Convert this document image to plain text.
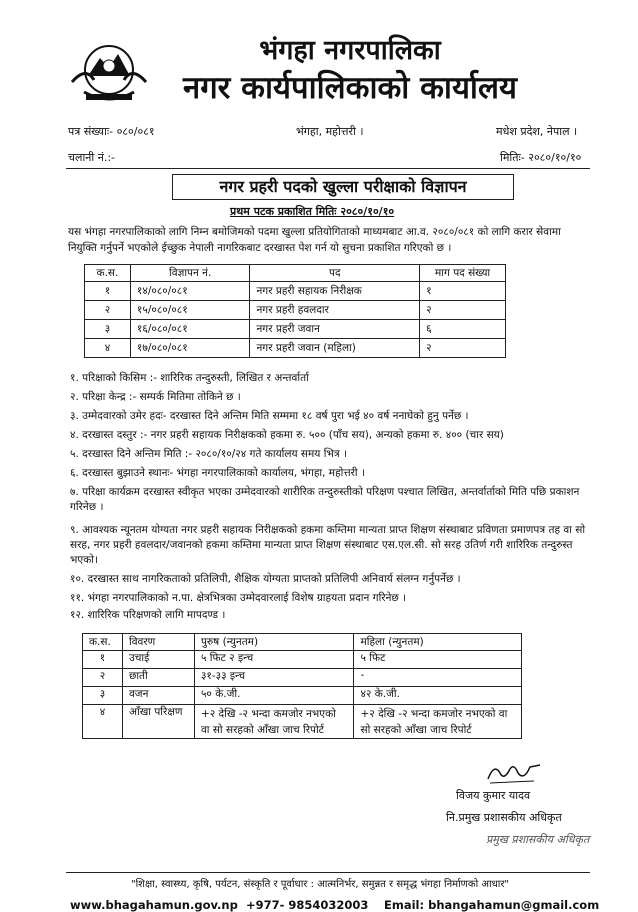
भंगहा नगरपालिका
नगर कार्यपालिकाको कार्यालय
पत्र संख्याः- ०८०/०८१	भंगहा, महोत्तरी ।	मधेश प्रदेश, नेपाल ।
चलानी नं.:-	मितिः- २०८०/१०/१०
नगर प्रहरी पदको खुल्ला परीक्षाको विज्ञापन
प्रथम पटक प्रकाशित मितिः २०८०/१०/१०
यस भंगहा नगरपालिकाको लागि निम्न बमोजिमको पदमा खुल्ला प्रतियोगिताको माध्यमबाट आ.व. २०८०/०८१ को लागि करार सेवामा नियुक्ति गर्नुपर्ने भएकोले ईच्छुक नेपाली नागरिकबाट दरखास्त पेश गर्न यो सुचना प्रकाशित गरिएको छ ।
क.स.	विज्ञापन नं.	पद	माग पद संख्या
१	१४/०८०/०८१	नगर प्रहरी सहायक निरीक्षक	१
२	१५/०८०/०८१	नगर प्रहरी हवलदार	२
३	१६/०८०/०८१	नगर प्रहरी जवान	६
४	१७/०८०/०८१	नगर प्रहरी जवान (महिला)	२

१. परिक्षाको किसिम :- शारिरिक तन्दुरुस्ती, लिखित र अन्तर्वार्ता

२. परिक्षा केन्द्र :- सम्पर्क मितिमा तोकिने छ ।

३. उम्मेदवारको उमेर हदः- दरखास्त दिने अन्तिम मिति सम्ममा १८ वर्ष पुरा भई ४० वर्ष ननाघेको हुनु पर्नेछ ।

४. दरखास्त दस्तुर :- नगर प्रहरी सहायक निरीक्षकको हकमा रु. ५०० (पाँच सय), अन्यको हकमा रु. ४०० (चार सय)

५. दरखास्त दिने अन्तिम मिति :- २०८०/१०/२४ गते कार्यालय समय भित्र ।

६. दरखास्त बुझाउने स्थानः- भंगहा नगरपालिकाको कार्यालय, भंगहा, महोत्तरी ।

७. परिक्षा कार्यक्रम दरखास्त स्वीकृत भएका उम्मेदवारको शारीरिक तन्दुरुस्तीको परिक्षण पश्चात लिखित, अन्तर्वार्ताको मिति पछि प्रकाशन गरिनेछ ।

९. आवश्यक न्यूनतम योग्यता नगर प्रहरी सहायक निरीक्षकको हकमा कम्तिमा मान्यता प्राप्त शिक्षण संस्थाबाट प्रविणता प्रमाणपत्र तह वा सो सरह, नगर प्रहरी हवलदार/जवानको हकमा कम्तिमा मान्यता प्राप्त शिक्षण संस्थाबाट एस.एल.सी. सो सरह उतिर्ण गरी शारिरिक तन्दुरुस्त भएको।

१०. दरखास्त साथ नागरिकताको प्रतिलिपी, शैक्षिक योग्यता प्राप्तको प्रतिलिपी अनिवार्य संलग्न गर्नुपर्नेछ ।

११. भंगहा नगरपालिकाको न.पा. क्षेत्रभित्रका उम्मेदवारलाई विशेष ग्राहयता प्रदान गरिनेछ ।

१२. शारिरिक परिक्षणको लागि मापदण्ड ।

क.स.	विवरण	पुरुष (न्युनतम)	महिला (न्युनतम)
१	उचाई	५ फिट २ इन्च	५ फिट
२	छाती	३१-३३ इन्च	-
३	वजन	५० के.जी.	४२ के.जी.
४	आँखा परिक्षण	+२ देखि -२ भन्दा कमजोर नभएको वा सो सरहको आँखा जाच रिपोर्ट	+२ देखि -२ भन्दा कमजोर नभएको वा सो सरहको आँखा जाच रिपोर्ट
विजय कुमार यादव
नि.प्रमुख प्रशासकीय अधिकृत
प्रमुख प्रशासकीय अधिकृत
"शिक्षा, स्वास्थ्य, कृषि, पर्यटन, संस्कृति र पूर्वाधार : आत्मनिर्भर, समुन्नत र समृद्ध भंगहा निर्माणको आधार"
www.bhagahamun.gov.np +977- 9854032003 Email: bhangahamun@gmail.com
